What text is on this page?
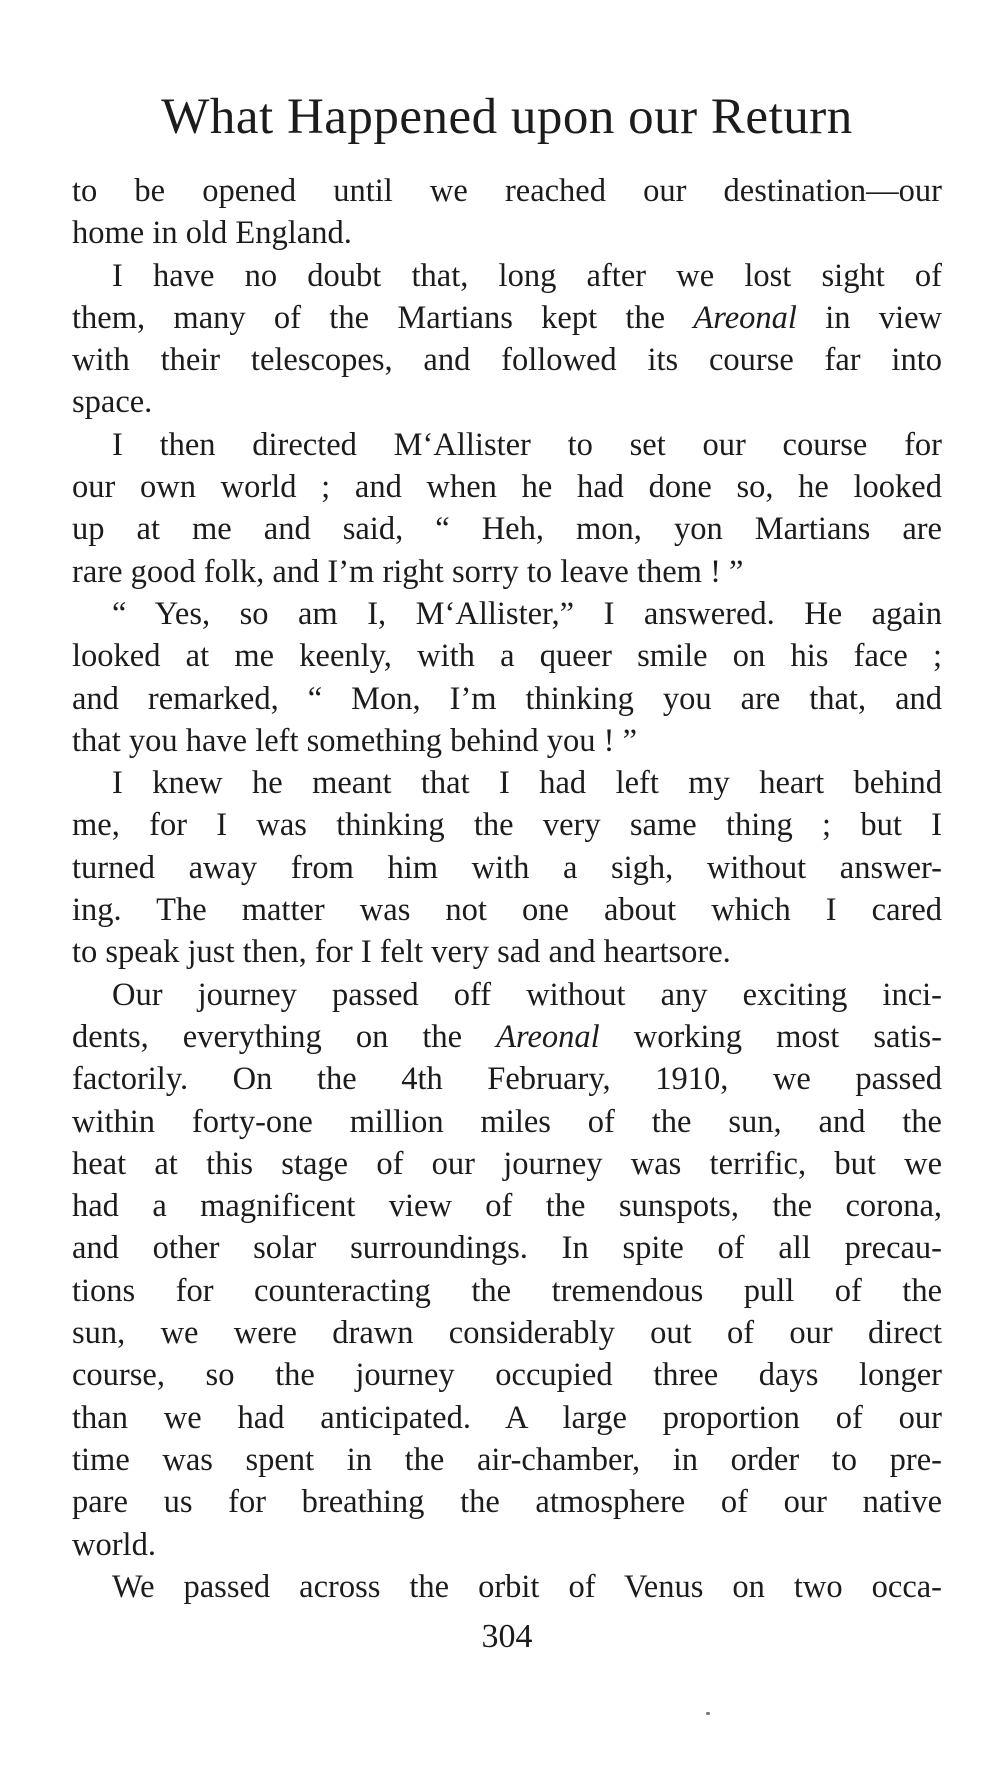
What Happened upon our Return
to be opened until we reached our destination—our
home in old England.
I have no doubt that, long after we lost sight of
them, many of the Martians kept the Areonal in view
with their telescopes, and followed its course far into
space.
I then directed M‘Allister to set our course for
our own world ; and when he had done so, he looked
up at me and said, “ Heh, mon, yon Martians are
rare good folk, and I’m right sorry to leave them ! ”
“ Yes, so am I, M‘Allister,” I answered. He again
looked at me keenly, with a queer smile on his face ;
and remarked, “ Mon, I’m thinking you are that, and
that you have left something behind you ! ”
I knew he meant that I had left my heart behind
me, for I was thinking the very same thing ; but I
turned away from him with a sigh, without answer-
ing. The matter was not one about which I cared
to speak just then, for I felt very sad and heartsore.
Our journey passed off without any exciting inci-
dents, everything on the Areonal working most satis-
factorily. On the 4th February, 1910, we passed
within forty-one million miles of the sun, and the
heat at this stage of our journey was terrific, but we
had a magnificent view of the sunspots, the corona,
and other solar surroundings. In spite of all precau-
tions for counteracting the tremendous pull of the
sun, we were drawn considerably out of our direct
course, so the journey occupied three days longer
than we had anticipated. A large proportion of our
time was spent in the air-chamber, in order to pre-
pare us for breathing the atmosphere of our native
world.
We passed across the orbit of Venus on two occa-
304
